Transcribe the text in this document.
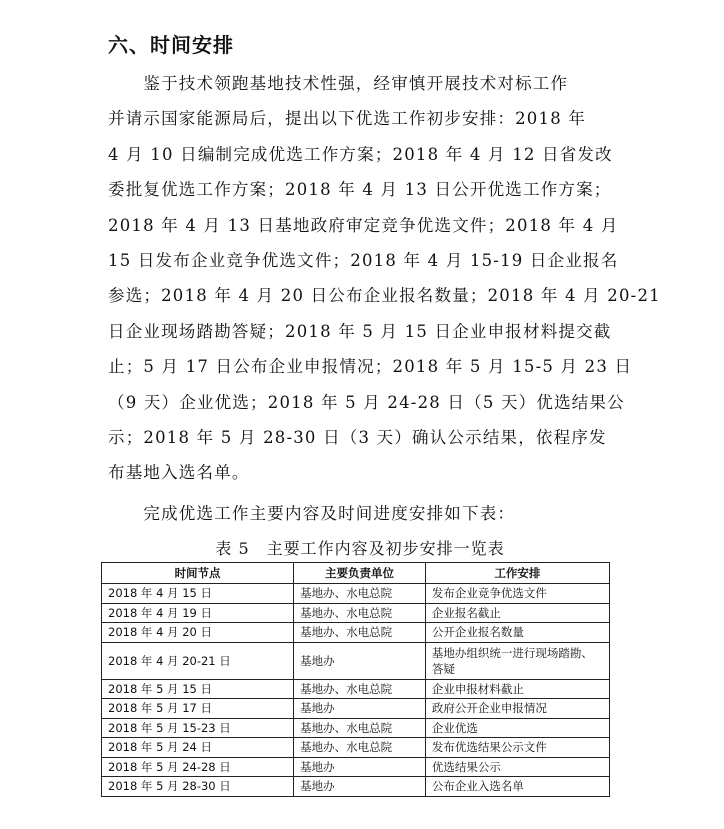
六、时间安排
　　鉴于技术领跑基地技术性强，经审慎开展技术对标工作
并请示国家能源局后，提出以下优选工作初步安排：2018 年
4 月 10 日编制完成优选工作方案；2018 年 4 月 12 日省发改
委批复优选工作方案；2018 年 4 月 13 日公开优选工作方案；
2018 年 4 月 13 日基地政府审定竞争优选文件；2018 年 4 月
15 日发布企业竞争优选文件；2018 年 4 月 15-19 日企业报名
参选；2018 年 4 月 20 日公布企业报名数量；2018 年 4 月 20-21
日企业现场踏勘答疑；2018 年 5 月 15 日企业申报材料提交截
止；5 月 17 日公布企业申报情况；2018 年 5 月 15-5 月 23 日
（9 天）企业优选；2018 年 5 月 24-28 日（5 天）优选结果公
示；2018 年 5 月 28-30 日（3 天）确认公示结果，依程序发
布基地入选名单。
　　完成优选工作主要内容及时间进度安排如下表：
表 5　主要工作内容及初步安排一览表
时间节点	主要负责单位	工作安排
2018 年 4 月 15 日	基地办、水电总院	发布企业竞争优选文件
2018 年 4 月 19 日	基地办、水电总院	企业报名截止
2018 年 4 月 20 日	基地办、水电总院	公开企业报名数量
2018 年 4 月 20-21 日	基地办	基地办组织统一进行现场踏勘、答疑
2018 年 5 月 15 日	基地办、水电总院	企业申报材料截止
2018 年 5 月 17 日	基地办	政府公开企业申报情况
2018 年 5 月 15-23 日	基地办、水电总院	企业优选
2018 年 5 月 24 日	基地办、水电总院	发布优选结果公示文件
2018 年 5 月 24-28 日	基地办	优选结果公示
2018 年 5 月 28-30 日	基地办	公布企业入选名单
